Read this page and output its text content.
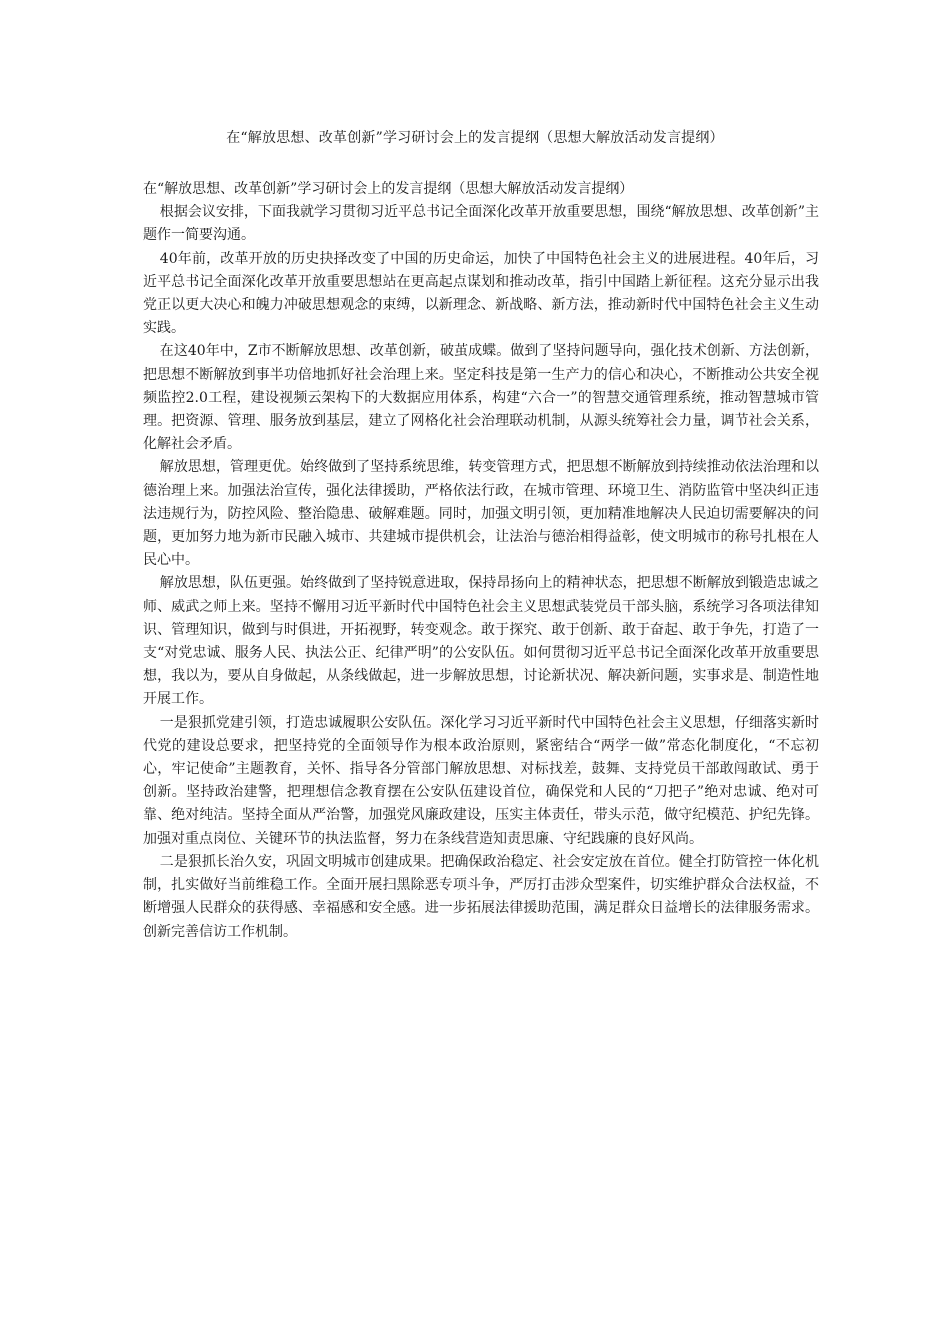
在“解放思想、改革创新”学习研讨会上的发言提纲（思想大解放活动发言提纲）

在“解放思想、改革创新”学习研讨会上的发言提纲（思想大解放活动发言提纲）

根据会议安排，下面我就学习贯彻习近平总书记全面深化改革开放重要思想，围绕“解放思想、改革创新”主题作一简要沟通。

40年前，改革开放的历史抉择改变了中国的历史命运，加快了中国特色社会主义的进展进程。40年后，习近平总书记全面深化改革开放重要思想站在更高起点谋划和推动改革，指引中国踏上新征程。这充分显示出我党正以更大决心和魄力冲破思想观念的束缚，以新理念、新战略、新方法，推动新时代中国特色社会主义生动实践。

在这40年中，Z市不断解放思想、改革创新，破茧成蝶。做到了坚持问题导向，强化技术创新、方法创新，把思想不断解放到事半功倍地抓好社会治理上来。坚定科技是第一生产力的信心和决心，不断推动公共安全视频监控2.0工程，建设视频云架构下的大数据应用体系，构建“六合一”的智慧交通管理系统，推动智慧城市管理。把资源、管理、服务放到基层，建立了网格化社会治理联动机制，从源头统筹社会力量，调节社会关系，化解社会矛盾。

解放思想，管理更优。始终做到了坚持系统思维，转变管理方式，把思想不断解放到持续推动依法治理和以德治理上来。加强法治宣传，强化法律援助，严格依法行政，在城市管理、环境卫生、消防监管中坚决纠正违法违规行为，防控风险、整治隐患、破解难题。同时，加强文明引领，更加精准地解决人民迫切需要解决的问题，更加努力地为新市民融入城市、共建城市提供机会，让法治与德治相得益彰，使文明城市的称号扎根在人民心中。

解放思想，队伍更强。始终做到了坚持锐意进取，保持昂扬向上的精神状态，把思想不断解放到锻造忠诚之师、威武之师上来。坚持不懈用习近平新时代中国特色社会主义思想武装党员干部头脑，系统学习各项法律知识、管理知识，做到与时俱进，开拓视野，转变观念。敢于探究、敢于创新、敢于奋起、敢于争先，打造了一支“对党忠诚、服务人民、执法公正、纪律严明”的公安队伍。如何贯彻习近平总书记全面深化改革开放重要思想，我以为，要从自身做起，从条线做起，进一步解放思想，讨论新状况、解决新问题，实事求是、制造性地开展工作。

一是狠抓党建引领，打造忠诚履职公安队伍。深化学习习近平新时代中国特色社会主义思想，仔细落实新时代党的建设总要求，把坚持党的全面领导作为根本政治原则，紧密结合“两学一做”常态化制度化，“不忘初心，牢记使命”主题教育，关怀、指导各分管部门解放思想、对标找差，鼓舞、支持党员干部敢闯敢试、勇于创新。坚持政治建警，把理想信念教育摆在公安队伍建设首位，确保党和人民的“刀把子”绝对忠诚、绝对可靠、绝对纯洁。坚持全面从严治警，加强党风廉政建设，压实主体责任，带头示范，做守纪模范、护纪先锋。加强对重点岗位、关键环节的执法监督，努力在条线营造知责思廉、守纪践廉的良好风尚。

二是狠抓长治久安，巩固文明城市创建成果。把确保政治稳定、社会安定放在首位。健全打防管控一体化机制，扎实做好当前维稳工作。全面开展扫黑除恶专项斗争，严厉打击涉众型案件，切实维护群众合法权益，不断增强人民群众的获得感、幸福感和安全感。进一步拓展法律援助范围，满足群众日益增长的法律服务需求。创新完善信访工作机制。
